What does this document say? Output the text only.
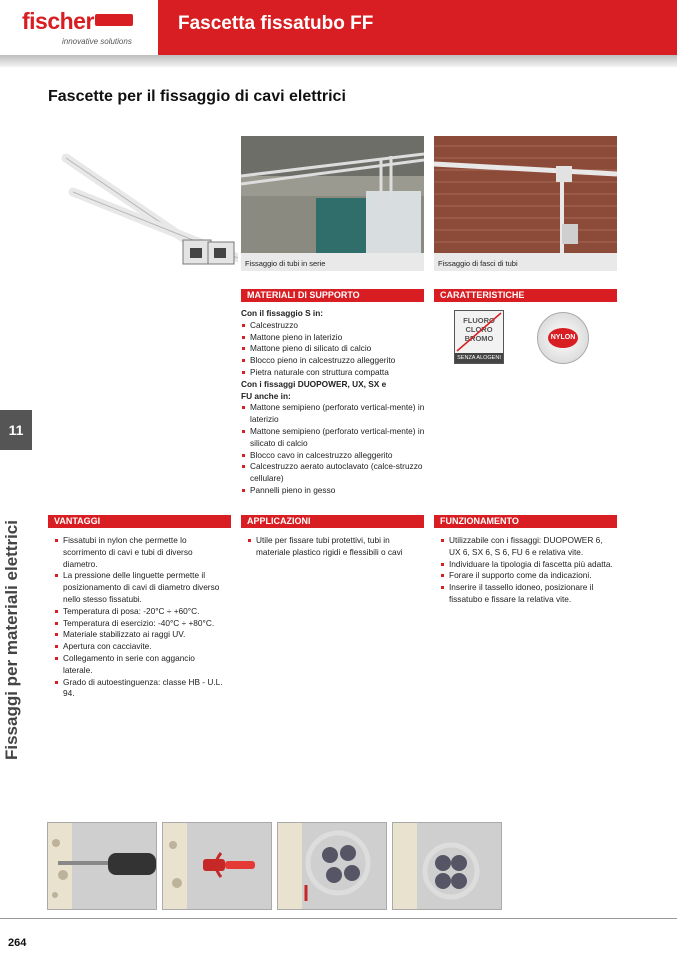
fischer
innovative solutions
Fascetta fissatubo FF
Fascette per il fissaggio di cavi elettrici
Fissaggio di tubi in serie	Fissaggio di fasci di tubi
MATERIALI DI SUPPORTO
Con il fissaggio S in:
Calcestruzzo
Mattone pieno in laterizio
Mattone pieno di silicato di calcio
Blocco pieno in calcestruzzo alleggerito
Pietra naturale con struttura compatta
Con i fissaggi DUOPOWER, UX, SX e
FU anche in:
Mattone semipieno (perforato vertical-mente) in laterizio
Mattone semipieno (perforato vertical-mente) in silicato di calcio
Blocco cavo in calcestruzzo alleggerito
Calcestruzzo aerato autoclavato (calce-struzzo cellulare)
Pannelli pieno in gesso
CARATTERISTICHE
FLUORO
CLORO
BROMO
SENZA ALOGENI
NYLON
VANTAGGI
Fissatubi in nylon che permette lo scorrimento di cavi e tubi di diverso diametro.
La pressione delle linguette permette il posizionamento di cavi di diametro diverso nello stesso fissatubi.
Temperatura di posa: -20°C ÷ +60°C.
Temperatura di esercizio: -40°C ÷ +80°C.
Materiale stabilizzato ai raggi UV.
Apertura con cacciavite.
Collegamento in serie con aggancio laterale.
Grado di autoestinguenza: classe HB - U.L. 94.
APPLICAZIONI
Utile per fissare tubi protettivi, tubi in materiale plastico rigidi e flessibili o cavi
FUNZIONAMENTO
Utilizzabile con i fissaggi: DUOPOWER 6, UX 6, SX 6, S 6, FU 6 e relativa vite.
Individuare la tipologia di fascetta più adatta.
Forare il supporto come da indicazioni.
Inserire il tassello idoneo, posizionare il fissatubo e fissare la relativa vite.
11
Fissaggi per materiali elettrici
264
